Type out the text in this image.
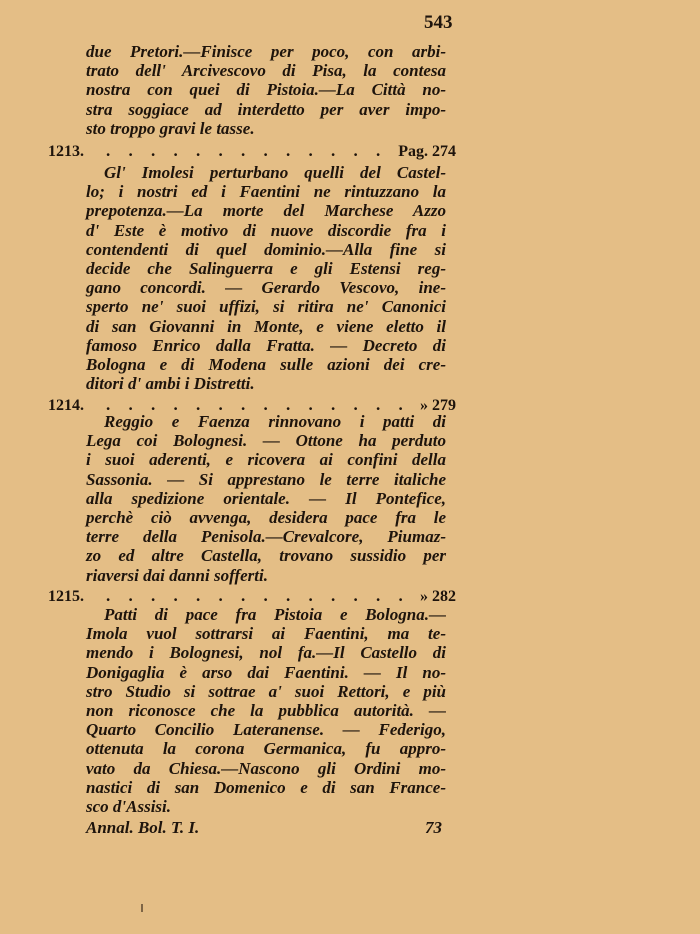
543
due Pretori.—Finisce per poco, con arbi-
trato dell' Arcivescovo di Pisa, la contesa
nostra con quei di Pistoia.—La Città no-
stra soggiace ad interdetto per aver impo-
sto troppo gravi le tasse.
1213. . . . . . . . . . . . . . Pag. 274
Gl' Imolesi perturbano quelli del Castel-
lo; i nostri ed i Faentini ne rintuzzano la
prepotenza.—La morte del Marchese Azzo
d' Este è motivo di nuove discordie fra i
contendenti di quel dominio.—Alla fine si
decide che Salinguerra e gli Estensi reg-
gano concordi. — Gerardo Vescovo, ine-
sperto ne' suoi uffizi, si ritira ne' Canonici
di san Giovanni in Monte, e viene eletto il
famoso Enrico dalla Fratta. — Decreto di
Bologna e di Modena sulle azioni dei cre-
ditori d' ambi i Distretti.
1214. . . . . . . . . . . . . . . » 279
Reggio e Faenza rinnovano i patti di
Lega coi Bolognesi. — Ottone ha perduto
i suoi aderenti, e ricovera ai confini della
Sassonia. — Si apprestano le terre italiche
alla spedizione orientale. — Il Pontefice,
perchè ciò avvenga, desidera pace fra le
terre della Penisola.—Crevalcore, Piumaz-
zo ed altre Castella, trovano sussidio per
riaversi dai danni sofferti.
1215. . . . . . . . . . . . . . . » 282
Patti di pace fra Pistoia e Bologna.—
Imola vuol sottrarsi ai Faentini, ma te-
mendo i Bolognesi, nol fa.—Il Castello di
Donigaglia è arso dai Faentini. — Il no-
stro Studio si sottrae a' suoi Rettori, e più
non riconosce che la pubblica autorità. —
Quarto Concilio Lateranense. — Federigo,
ottenuta la corona Germanica, fu appro-
vato da Chiesa.—Nascono gli Ordini mo-
nastici di san Domenico e di san France-
sco d'Assisi.
Annal. Bol. T. I.	73
